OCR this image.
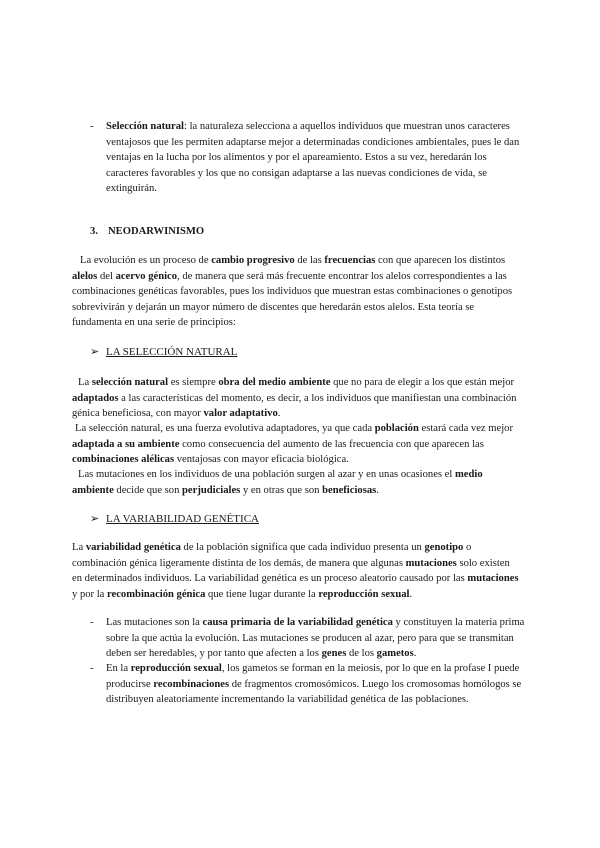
-	Selección natural: la naturaleza selecciona a aquellos individuos que muestran unos caracteres ventajosos que les permiten adaptarse mejor a determinadas condiciones ambientales, pues le dan ventajas en la lucha por los alimentos y por el apareamiento. Estos a su vez, heredarán los caracteres favorables y los que no consigan adaptarse a las nuevas condiciones de vida, se extinguirán.
3. NEODARWINISMO
La evolución es un proceso de cambio progresivo de las frecuencias con que aparecen los distintos alelos del acervo génico, de manera que será más frecuente encontrar los alelos correspondientes a las combinaciones genéticas favorables, pues los individuos que muestran estas combinaciones o genotipos sobrevivirán y dejarán un mayor número de discentes que heredarán estos alelos. Esta teoría se fundamenta en una serie de principios:
➢ LA SELECCIÓN NATURAL
La selección natural es siempre obra del medio ambiente que no para de elegir a los que están mejor adaptados a las características del momento, es decir, a los individuos que manifiestan una combinación génica beneficiosa, con mayor valor adaptativo.
La selección natural, es una fuerza evolutiva adaptadores, ya que cada población estará cada vez mejor adaptada a su ambiente como consecuencia del aumento de las frecuencia con que aparecen las combinaciones alélicas ventajosas con mayor eficacia biológica.
Las mutaciones en los individuos de una población surgen al azar y en unas ocasiones el medio ambiente decide que son perjudiciales y en otras que son beneficiosas.
➢ LA VARIABILIDAD GENÉTICA
La variabilidad genética de la población significa que cada individuo presenta un genotipo o combinación génica ligeramente distinta de los demás, de manera que algunas mutaciones solo existen en determinados individuos. La variabilidad genética es un proceso aleatorio causado por las mutaciones y por la recombinación génica que tiene lugar durante la reproducción sexual.
-	Las mutaciones son la causa primaria de la variabilidad genética y constituyen la materia prima sobre la que actúa la evolución. Las mutaciones se producen al azar, pero para que se transmitan deben ser heredables, y por tanto que afecten a los genes de los gametos.
-	En la reproducción sexual, los gametos se forman en la meiosis, por lo que en la profase I puede producirse recombinaciones de fragmentos cromosómicos. Luego los cromosomas homólogos se distribuyen aleatoriamente incrementando la variabilidad genética de las poblaciones.
